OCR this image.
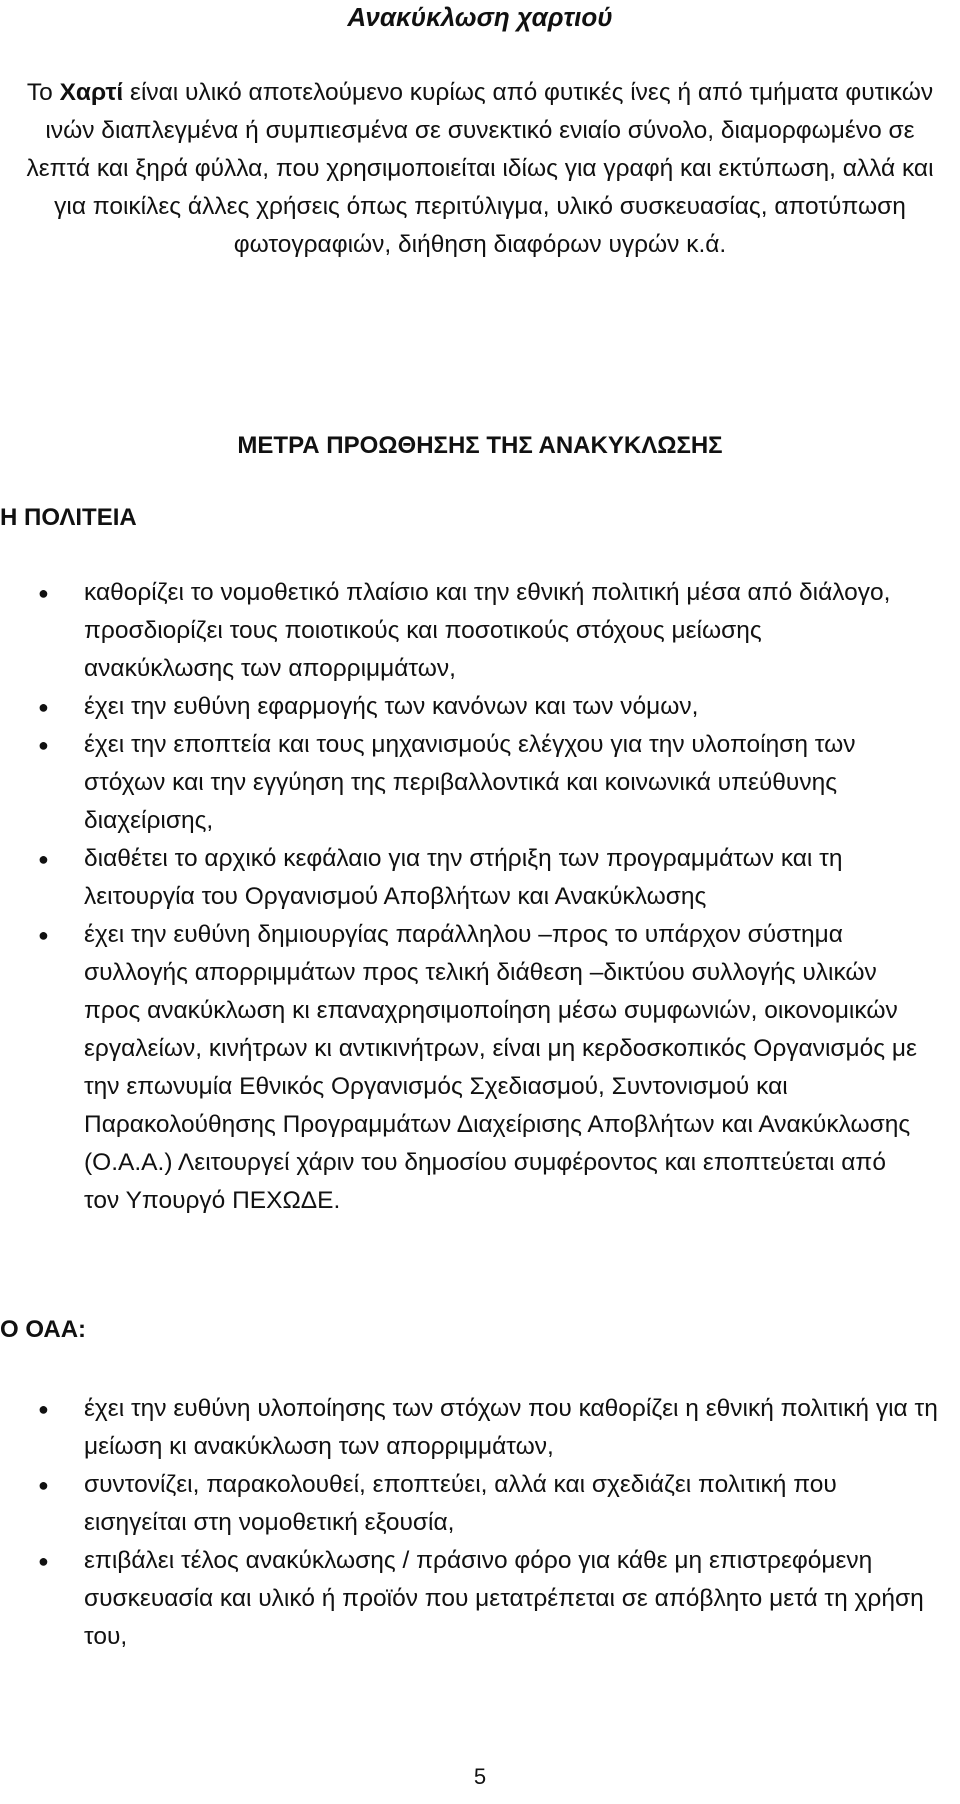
Ανακύκλωση χαρτιού
Το Χαρτί είναι υλικό αποτελούμενο κυρίως από φυτικές ίνες ή από τμήματα φυτικών ινών διαπλεγμένα ή συμπιεσμένα σε συνεκτικό ενιαίο σύνολο, διαμορφωμένο σε λεπτά και ξηρά φύλλα, που χρησιμοποιείται ιδίως για γραφή και εκτύπωση, αλλά και για ποικίλες άλλες χρήσεις όπως περιτύλιγμα, υλικό συσκευασίας, αποτύπωση φωτογραφιών, διήθηση διαφόρων υγρών κ.ά.
ΜΕΤΡΑ ΠΡΟΩΘΗΣΗΣ ΤΗΣ ΑΝΑΚΥΚΛΩΣΗΣ
Η ΠΟΛΙΤΕΙΑ
● καθορίζει το νομοθετικό πλαίσιο και την εθνική πολιτική μέσα από διάλογο, προσδιορίζει τους ποιοτικούς και ποσοτικούς στόχους μείωσης ανακύκλωσης των απορριμμάτων,
● έχει την ευθύνη εφαρμογής των κανόνων και των νόμων,
● έχει την εποπτεία και τους μηχανισμούς ελέγχου για την υλοποίηση των στόχων και την εγγύηση της περιβαλλοντικά και κοινωνικά υπεύθυνης διαχείρισης,
● διαθέτει το αρχικό κεφάλαιο για την στήριξη των προγραμμάτων και τη λειτουργία του Οργανισμού Αποβλήτων και Ανακύκλωσης
● έχει την ευθύνη δημιουργίας παράλληλου –προς το υπάρχον σύστημα συλλογής απορριμμάτων προς τελική διάθεση –δικτύου συλλογής υλικών προς ανακύκλωση κι επαναχρησιμοποίηση μέσω συμφωνιών, οικονομικών εργαλείων, κινήτρων κι αντικινήτρων, είναι μη κερδοσκοπικός Οργανισμός με την επωνυμία Εθνικός Οργανισμός Σχεδιασμού, Συντονισμού και Παρακολούθησης Προγραμμάτων Διαχείρισης Αποβλήτων και Ανακύκλωσης (Ο.Α.Α.) Λειτουργεί χάριν του δημοσίου συμφέροντος και εποπτεύεται από τον Υπουργό ΠΕΧΩΔΕ.
Ο ΟΑΑ:
● έχει την ευθύνη υλοποίησης των στόχων που καθορίζει η εθνική πολιτική για τη μείωση κι ανακύκλωση των απορριμμάτων,
● συντονίζει, παρακολουθεί, εποπτεύει, αλλά και σχεδιάζει πολιτική που εισηγείται στη νομοθετική εξουσία,
● επιβάλει τέλος ανακύκλωσης / πράσινο φόρο για κάθε μη επιστρεφόμενη συσκευασία και υλικό ή προϊόν που μετατρέπεται σε απόβλητο μετά τη χρήση του,
5
